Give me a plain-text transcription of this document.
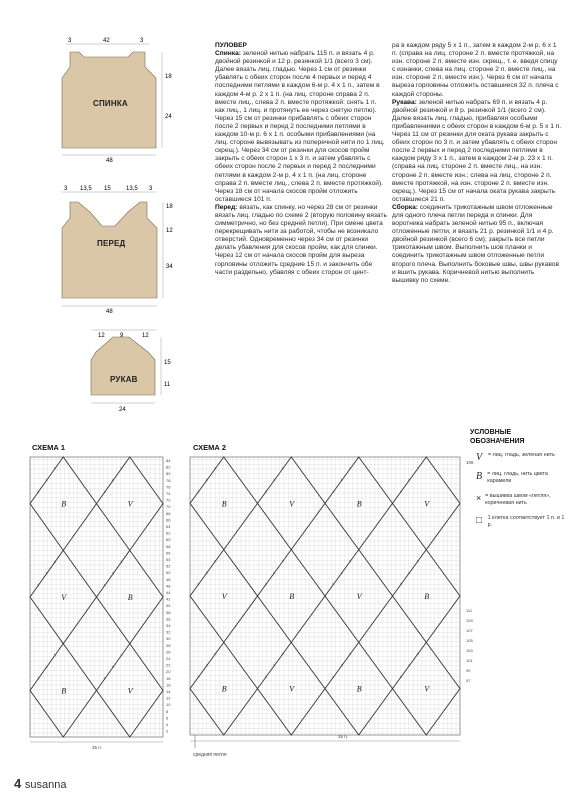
3	42	3
18
24
48
СПИНКА
3 13,5 15	13,5 3
18
12
34
48
ПЕРЕД
12	9	12
15
11
24
РУКАВ

ПУЛОВЕР

Спинка: зеленой нитью набрать 115 п. и вязать 4 р. двойной резинкой и 12 р. резинкой 1/1 (всего 3 см). Далее вязать лиц. гладью. Через 1 см от резинки убавлять с обеих сторон после 4 первых и перед 4 последними петлями в каждом 6-м р. 4 х 1 п., затем в каждом 4-м р. 2 х 1 п. (на лиц. стороне справа 2 п. вместе лиц., слева 2 п. вместе протяжкой: снять 1 п. как лиц., 1 лиц. и протянуть ее через снятую петлю). Через 15 см от резинки прибавлять с обеих сторон после 2 первых и перед 2 последними петлями в каждом 10-м р. 6 х 1 п. особыми прибавлениями (на лиц. стороне вывязывать из поперечной нити по 1 лиц. скрещ.). Через 34 см от резинки для скосов пройм закрыть с обеих сторон 1 х 3 п. и затем убавлять с обеих сторон после 2 первых и перед 2 последними петлями в каждом 2-м р. 4 х 1 п. (на лиц. стороне справа 2 п. вместе лиц., слева 2 п. вместе протяжкой). Через 18 см от начала скосов пройм отложить оставшиеся 101 п.

Перед: вязать, как спинку, но через 28 см от резинки вязать лиц. гладью по схеме 2 (вторую половину вязать симметрично, но без средней петли). При смене цвета перекрещивать нити за работой, чтобы не возникало отверстий. Одновременно через 34 см от резинки делать убавления для скосов пройм, как для спинки. Через 12 см от начала скосов пройм для выреза горловины отложить средние 15 п. и закончить обе части раздельно, убавляя с обеих сторон от цент-

ра в каждом ряду 5 х 1 п., затем в каждом 2-м р. 6 х 1 п. (справа на лиц. стороне 2 п. вместе протяжкой, на изн. стороне 2 п. вместе изн. скрещ., т. е. введя спицу с изнанки, слева на лиц. стороне 2 п. вместе лиц., на изн. стороне 2 п. вместе изн.). Через 6 см от начала выреза горловины отложить оставшиеся 32 п. плеча с каждой стороны.

Рукава: зеленой нитью набрать 69 п. и вязать 4 р. двойной резинкой и 8 р. резинкой 1/1 (всего 2 см). Далее вязать лиц. гладью, прибавляя особыми прибавлениями с обеих сторон в каждом 6-м р. 5 х 1 п. Через 11 см от резинки для оката рукава закрыть с обеих сторон по 3 п. и затем убавлять с обеих сторон после 2 первых и перед 2 последними петлями в каждом ряду 3 х 1 п., затем в каждом 2-м р. 23 х 1 п. (справа на лиц. стороне 2 п. вместе лиц., на изн. стороне 2 п. вместе изн.; слева на лиц. стороне 2 п. вместе протяжкой, на изн. стороне 2 п. вместе изн. скрещ.). Через 15 см от начала оката рукава закрыть оставшиеся 21 п.

Сборка: соединить трикотажным швом отложенные для одного плеча петли переда и спинки. Для воротника набрать зеленой нитью 95 п., включая отложенные петли, и вязать 21 р. резинкой 1/1 и 4 р. двойной резинкой (всего 6 см); закрыть все петли трикотажным швом. Выполнить шов планки и соединить трикотажным швом отложенные петли второго плеча. Выполнить боковые швы, швы рукавов и вшить рукава. Коричневой нитью выполнить вышивку по схеме.

СХЕМА 1	СХЕМА 2
B
×
×
×
V
×
×
×
B
×
×
×
V
×
×
×
B
×
×
×
V
×
×
×
84
82
80
78
76
74
72
70
68
66
64
62
60
58
56
54
52
50
48
46
44
42
40
38
36
34
32
30
28
26
24
22
20
18
16
14
12
10
8
6
4
2
35 п.
B
×
×
×
V
×
×
×
B
×
×
×
V
×
×
×
B
×
×
×
V
×
×
×
B
×
×
×
V
×
×
×
B
×
×
×
V
×
×
×
B
×
×
×
V
×
×
×
106
111
109
107
105
103
101
99
97
35 п.
средняя петля
УСЛОВНЫЕ ОБОЗНАЧЕНИЯ
V	= лиц. гладь, зеленая нить
B = лиц. гладь, нить цвета карамели
× = вышивка швом «петля», коричневая нить
□	1 клетка соответствует 1 п. и 1 р.
4 susanna
